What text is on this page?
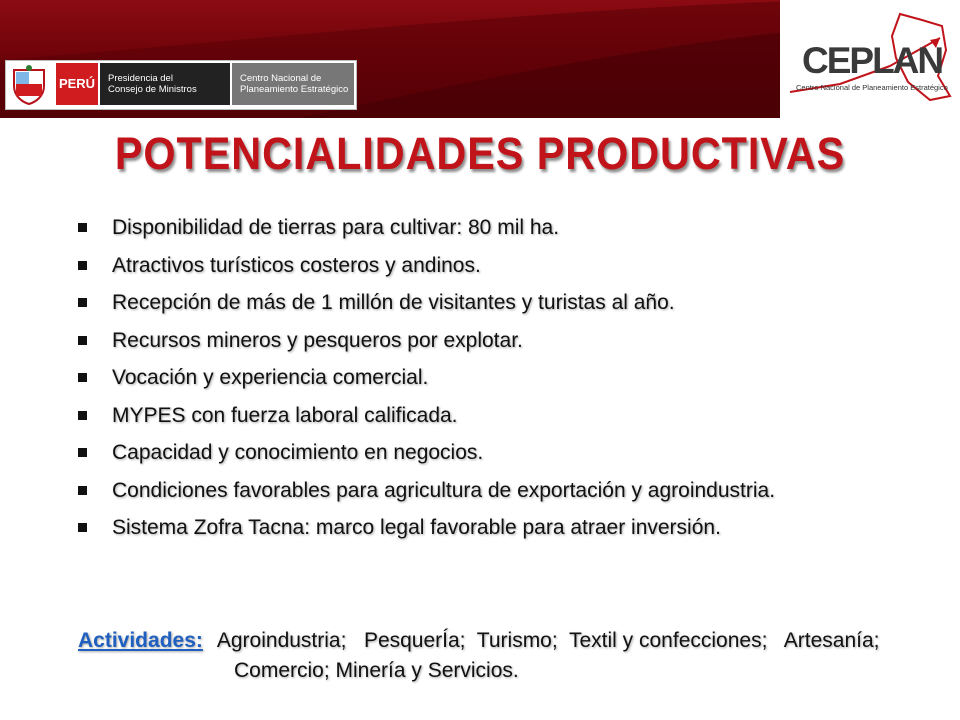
PERÚ	Presidencia del
Consejo de Ministros
Centro Nacional de
Planeamiento Estratégico
CEPLAN
Centro Nacional de Planeamiento Estratégico
POTENCIALIDADES PRODUCTIVAS
Disponibilidad de tierras para cultivar: 80 mil ha.
Atractivos turísticos costeros y andinos.
Recepción de más de 1 millón de visitantes y turistas al año.
Recursos mineros y pesqueros por explotar.
Vocación y experiencia comercial.
MYPES con fuerza laboral calificada.
Capacidad y conocimiento en negocios.
Condiciones favorables para agricultura de exportación y agroindustria.
Sistema Zofra Tacna: marco legal favorable para atraer inversión.
Actividades: Agroindustria;   PesquerÍa;  Turismo;  Textil y confecciones;   Artesanía;
Comercio; Minería y Servicios.
